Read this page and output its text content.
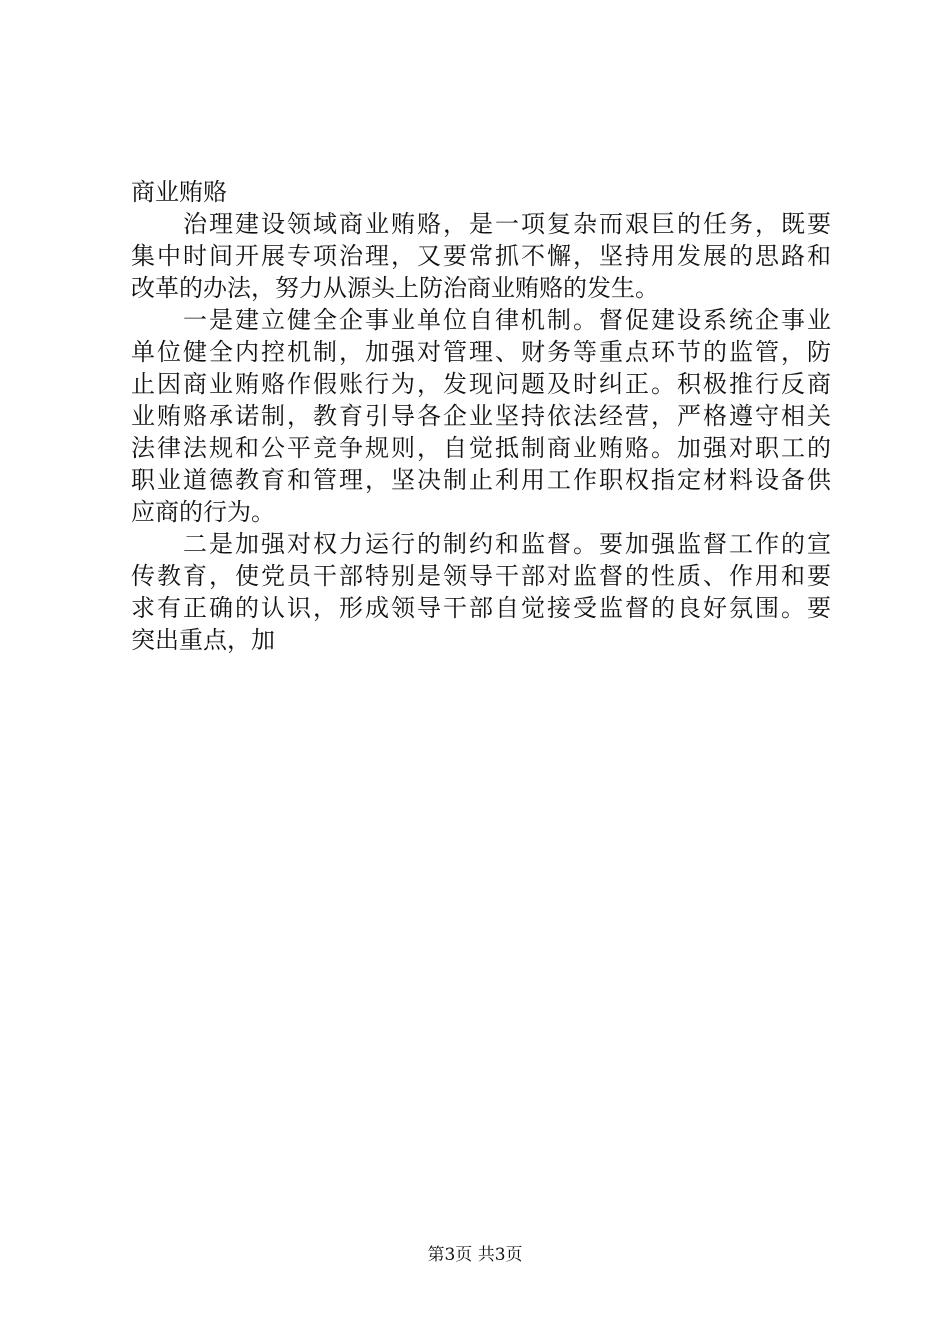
商业贿赂
　　治理建设领域商业贿赂，是一项复杂而艰巨的任务，既要
集中时间开展专项治理，又要常抓不懈，坚持用发展的思路和
改革的办法，努力从源头上防治商业贿赂的发生。
　　一是建立健全企事业单位自律机制。督促建设系统企事业
单位健全内控机制，加强对管理、财务等重点环节的监管，防
止因商业贿赂作假账行为，发现问题及时纠正。积极推行反商
业贿赂承诺制，教育引导各企业坚持依法经营，严格遵守相关
法律法规和公平竞争规则，自觉抵制商业贿赂。加强对职工的
职业道德教育和管理，坚决制止利用工作职权指定材料设备供
应商的行为。
　　二是加强对权力运行的制约和监督。要加强监督工作的宣
传教育，使党员干部特别是领导干部对监督的性质、作用和要
求有正确的认识，形成领导干部自觉接受监督的良好氛围。要
突出重点，加
第3页 共3页
